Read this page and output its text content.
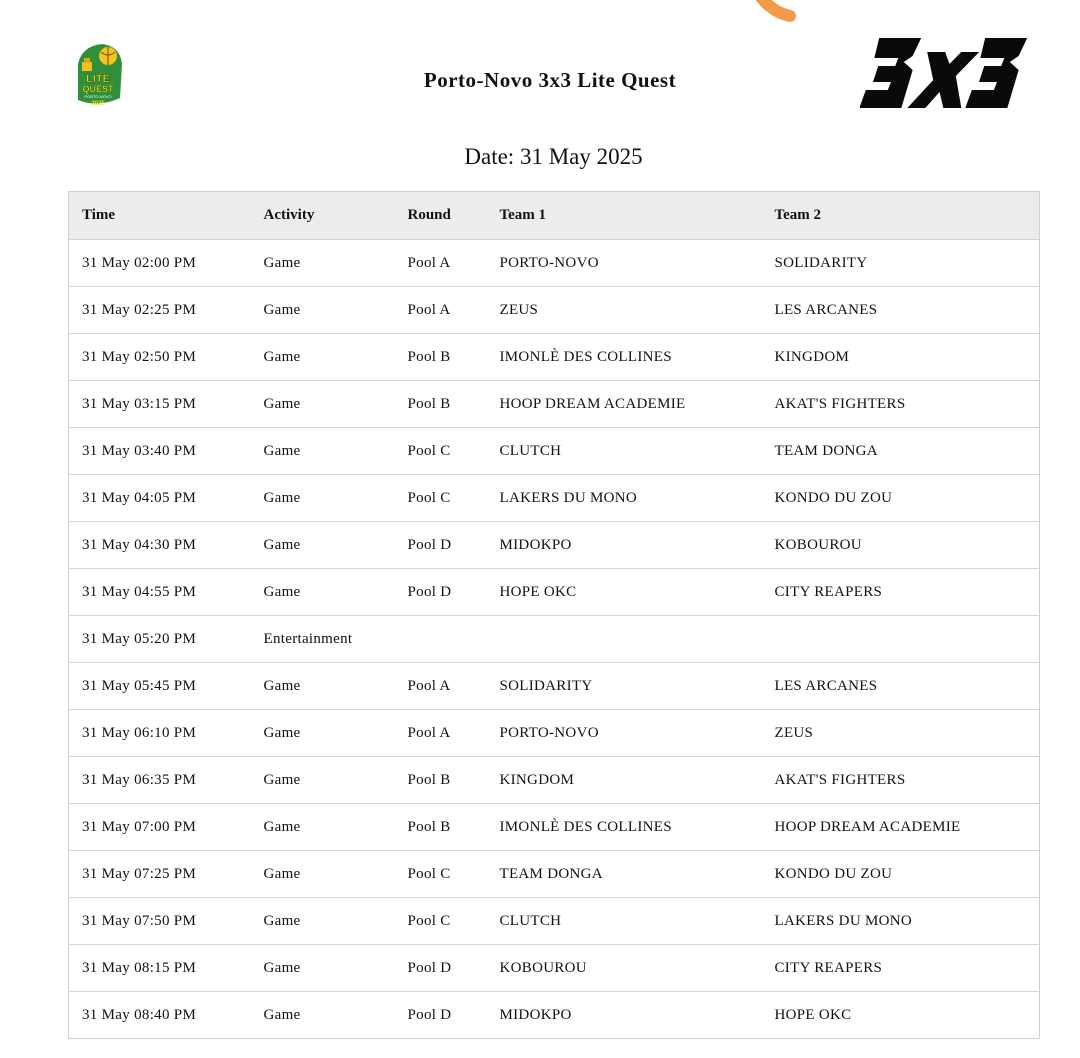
LITE
QUEST
PORTO-NOVO
2025
Porto-Novo 3x3 Lite Quest
Date: 31 May 2025
Time	Activity	Round	Team 1	Team 2
31 May 02:00 PM	Game	Pool A	PORTO-NOVO	SOLIDARITY
31 May 02:25 PM	Game	Pool A	ZEUS	LES ARCANES
31 May 02:50 PM	Game	Pool B	IMONLÈ DES COLLINES	KINGDOM
31 May 03:15 PM	Game	Pool B	HOOP DREAM ACADEMIE	AKAT'S FIGHTERS
31 May 03:40 PM	Game	Pool C	CLUTCH	TEAM DONGA
31 May 04:05 PM	Game	Pool C	LAKERS DU MONO	KONDO DU ZOU
31 May 04:30 PM	Game	Pool D	MIDOKPO	KOBOUROU
31 May 04:55 PM	Game	Pool D	HOPE OKC	CITY REAPERS
31 May 05:20 PM	Entertainment			
31 May 05:45 PM	Game	Pool A	SOLIDARITY	LES ARCANES
31 May 06:10 PM	Game	Pool A	PORTO-NOVO	ZEUS
31 May 06:35 PM	Game	Pool B	KINGDOM	AKAT'S FIGHTERS
31 May 07:00 PM	Game	Pool B	IMONLÈ DES COLLINES	HOOP DREAM ACADEMIE
31 May 07:25 PM	Game	Pool C	TEAM DONGA	KONDO DU ZOU
31 May 07:50 PM	Game	Pool C	CLUTCH	LAKERS DU MONO
31 May 08:15 PM	Game	Pool D	KOBOUROU	CITY REAPERS
31 May 08:40 PM	Game	Pool D	MIDOKPO	HOPE OKC
